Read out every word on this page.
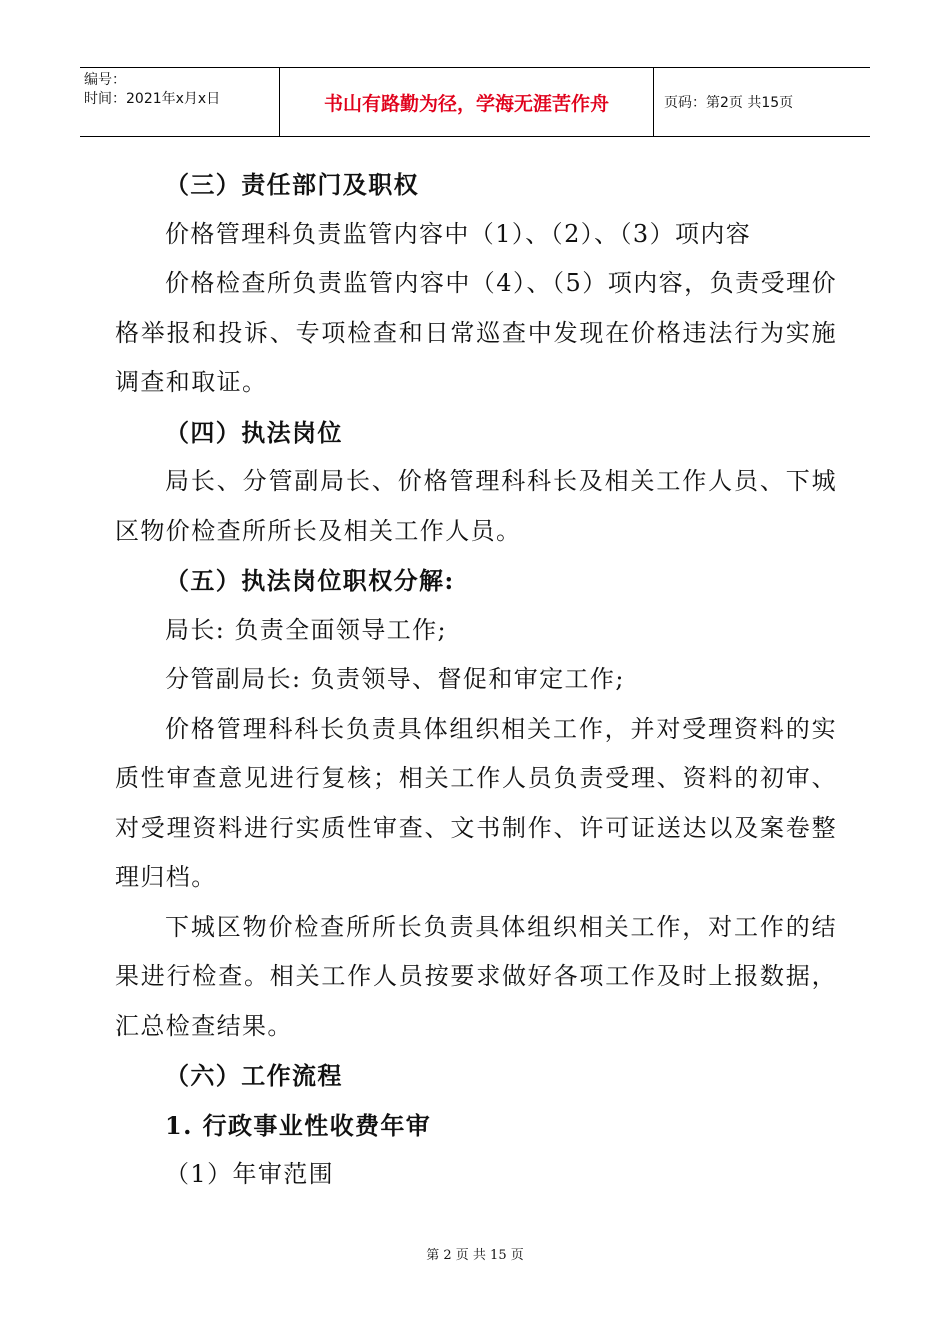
编号：
时间：2021年x月x日	书山有路勤为径，学海无涯苦作舟	页码：第2页 共15页

（三）责任部门及职权

价格管理科负责监管内容中（1）、（2）、（3）项内容

价格检查所负责监管内容中（4）、（5）项内容，负责受理价格举报和投诉、专项检查和日常巡查中发现在价格违法行为实施调查和取证。

（四）执法岗位

局长、分管副局长、价格管理科科长及相关工作人员、下城区物价检查所所长及相关工作人员。

（五）执法岗位职权分解:

局长: 负责全面领导工作;

分管副局长: 负责领导、督促和审定工作;

价格管理科科长负责具体组织相关工作，并对受理资料的实质性审查意见进行复核；相关工作人员负责受理、资料的初审、对受理资料进行实质性审查、文书制作、许可证送达以及案卷整理归档。

下城区物价检查所所长负责具体组织相关工作，对工作的结果进行检查。相关工作人员按要求做好各项工作及时上报数据，汇总检查结果。

（六）工作流程

1. 行政事业性收费年审

（1）年审范围

第 2 页 共 15 页
